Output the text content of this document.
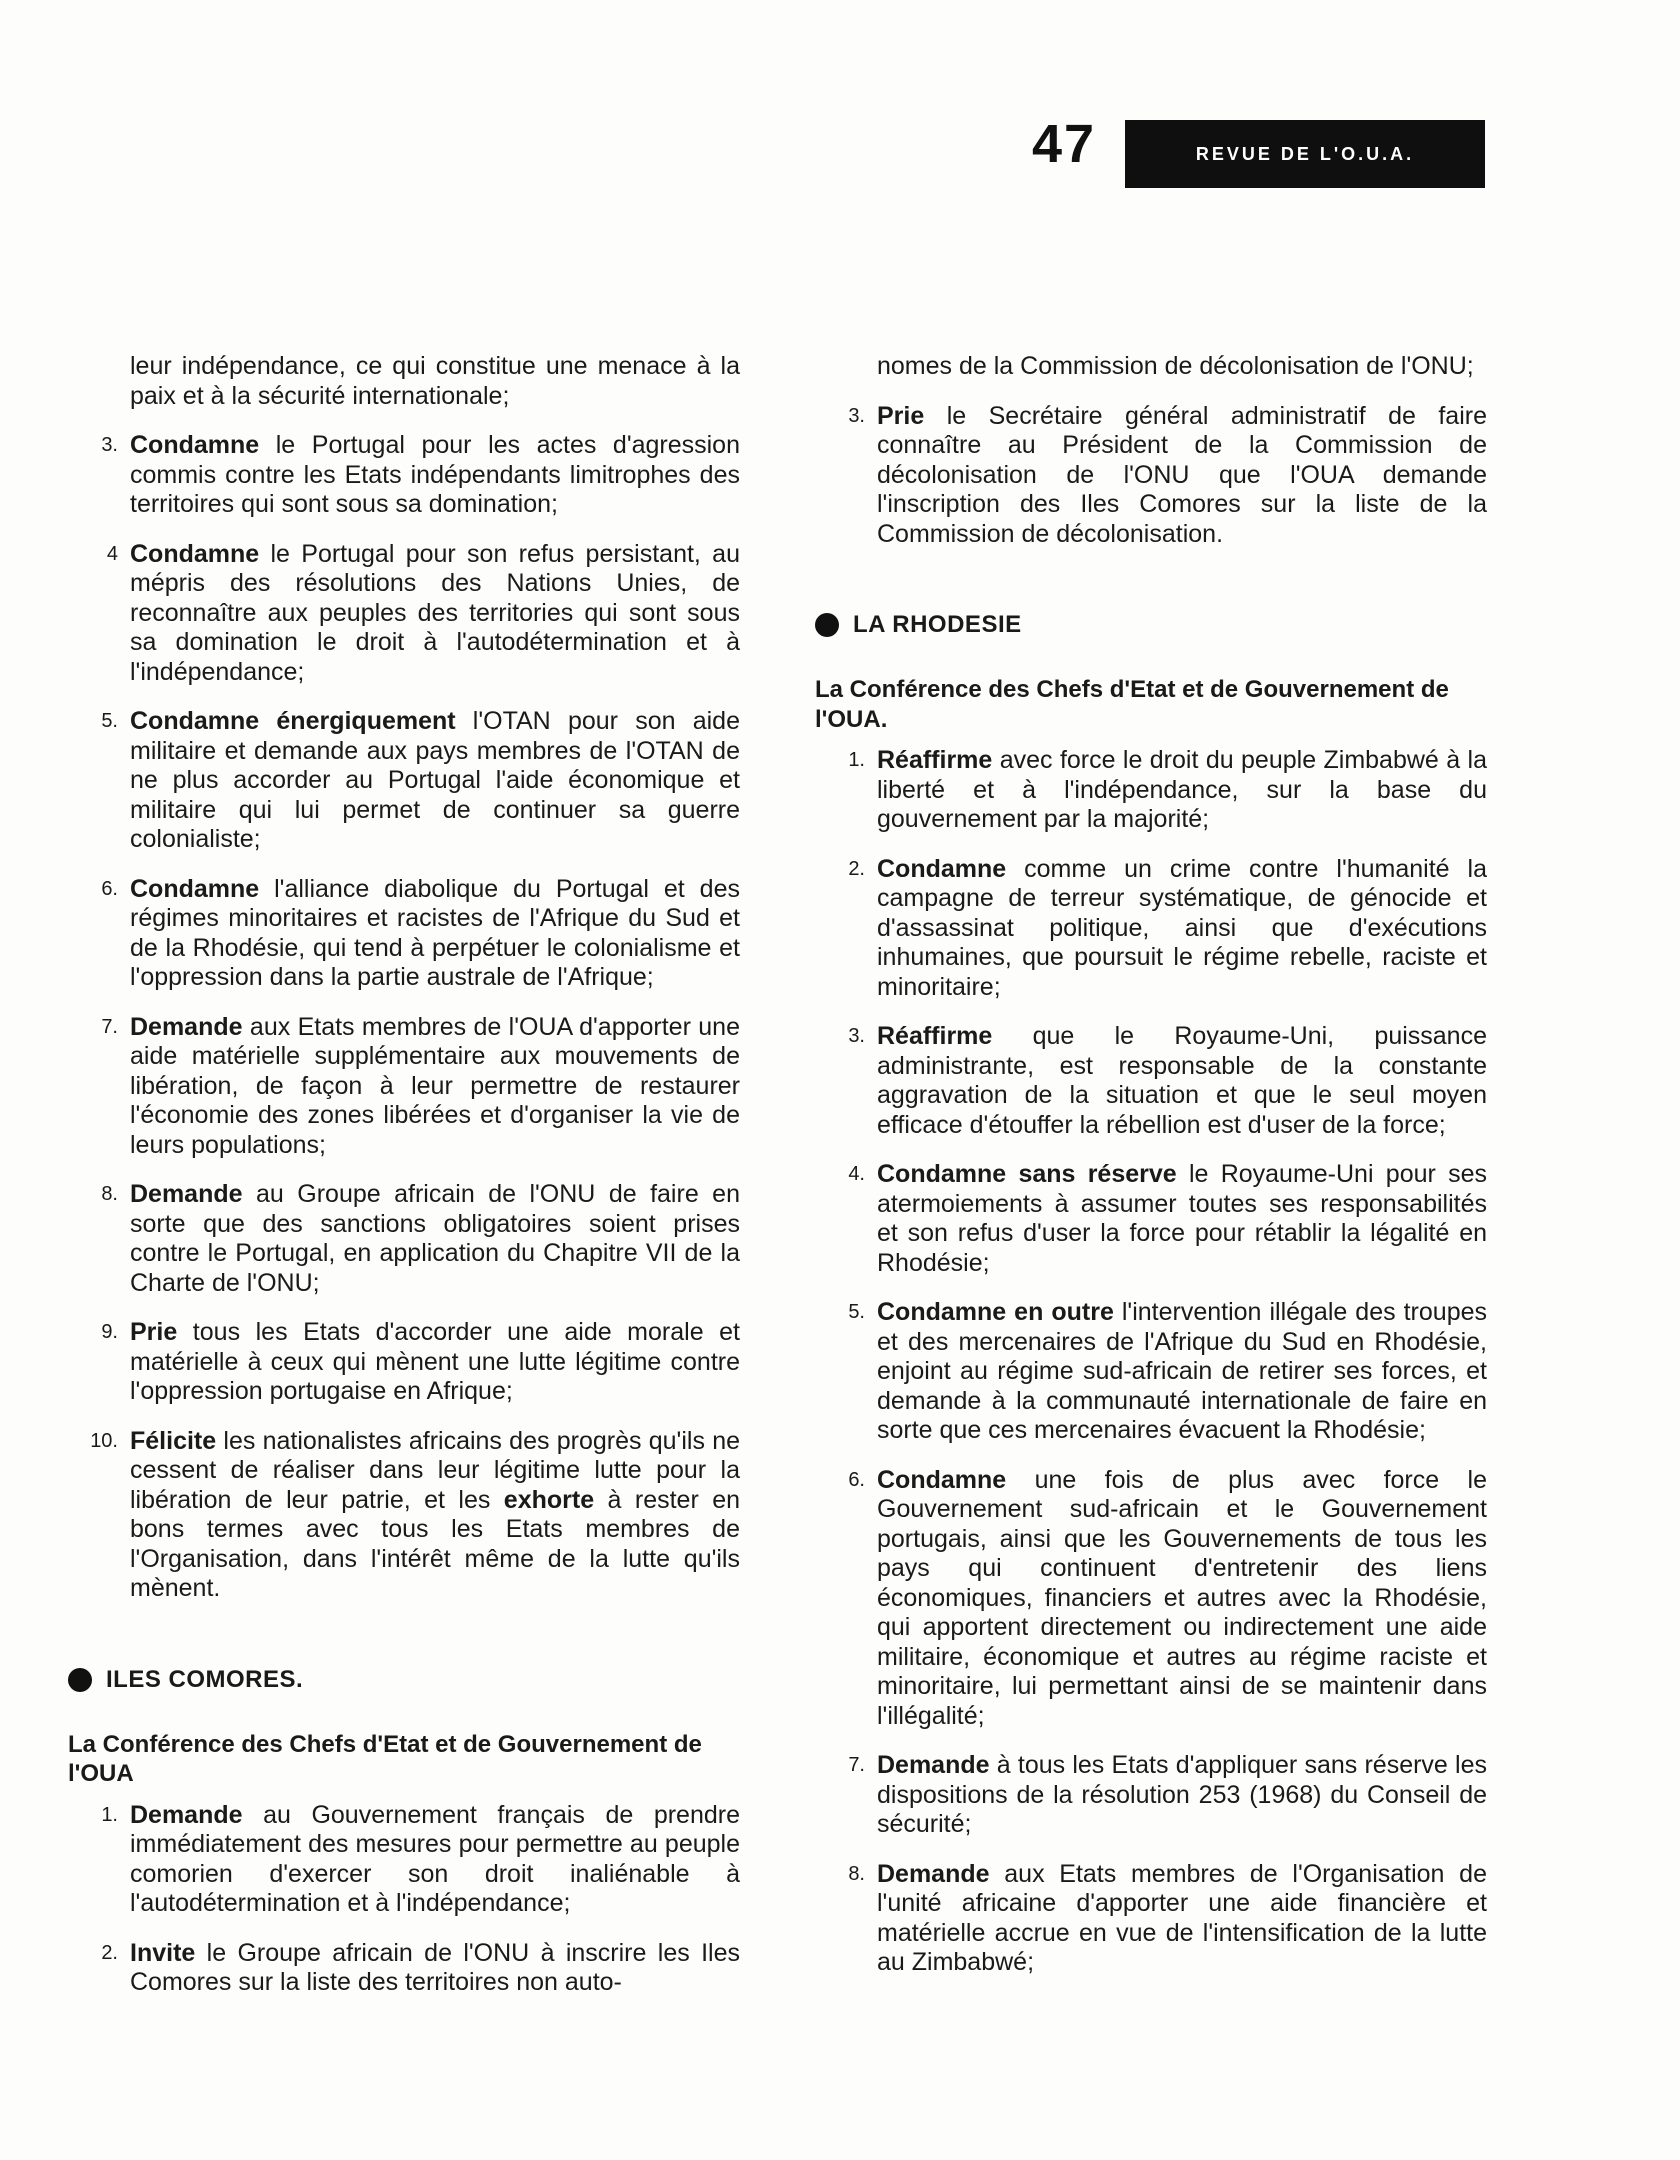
47	REVUE DE L'O.U.A.

leur indépendance, ce qui constitue une menace à la paix et à la sécurité internationale;

3. Condamne le Portugal pour les actes d'agression commis contre les Etats indépendants limitrophes des territoires qui sont sous sa domination;
4 Condamne le Portugal pour son refus persistant, au mépris des résolutions des Nations Unies, de reconnaître aux peuples des territories qui sont sous sa domination le droit à l'autodétermination et à l'indépendance;
5. Condamne énergiquement l'OTAN pour son aide militaire et demande aux pays membres de l'OTAN de ne plus accorder au Portugal l'aide économique et militaire qui lui permet de continuer sa guerre colonialiste;
6. Condamne l'alliance diabolique du Portugal et des régimes minoritaires et racistes de l'Afrique du Sud et de la Rhodésie, qui tend à perpétuer le colonialisme et l'oppression dans la partie australe de l'Afrique;
7. Demande aux Etats membres de l'OUA d'apporter une aide matérielle supplémentaire aux mouvements de libération, de façon à leur permettre de restaurer l'économie des zones libérées et d'organiser la vie de leurs populations;
8. Demande au Groupe africain de l'ONU de faire en sorte que des sanctions obligatoires soient prises contre le Portugal, en application du Chapitre VII de la Charte de l'ONU;
9. Prie tous les Etats d'accorder une aide morale et matérielle à ceux qui mènent une lutte légitime contre l'oppression portugaise en Afrique;
10. Félicite les nationalistes africains des progrès qu'ils ne cessent de réaliser dans leur légitime lutte pour la libération de leur patrie, et les exhorte à rester en bons termes avec tous les Etats membres de l'Organisation, dans l'intérêt même de la lutte qu'ils mènent.
ILES COMORES.

La Conférence des Chefs d'Etat et de Gouvernement de l'OUA

1. Demande au Gouvernement français de prendre immédiatement des mesures pour permettre au peuple comorien d'exercer son droit inaliénable à l'autodétermination et à l'indépendance;
2. Invite le Groupe africain de l'ONU à inscrire les Iles Comores sur la liste des territoires non auto-

nomes de la Commission de décolonisation de l'ONU;

3. Prie le Secrétaire général administratif de faire connaître au Président de la Commission de décolonisation de l'ONU que l'OUA demande l'inscription des Iles Comores sur la liste de la Commission de décolonisation.
LA RHODESIE

La Conférence des Chefs d'Etat et de Gouvernement de l'OUA.

1. Réaffirme avec force le droit du peuple Zimbabwé à la liberté et à l'indépendance, sur la base du gouvernement par la majorité;
2. Condamne comme un crime contre l'humanité la campagne de terreur systématique, de génocide et d'assassinat politique, ainsi que d'exécutions inhumaines, que poursuit le régime rebelle, raciste et minoritaire;
3. Réaffirme que le Royaume-Uni, puissance administrante, est responsable de la constante aggravation de la situation et que le seul moyen efficace d'étouffer la rébellion est d'user de la force;
4. Condamne sans réserve le Royaume-Uni pour ses atermoiements à assumer toutes ses responsabilités et son refus d'user la force pour rétablir la légalité en Rhodésie;
5. Condamne en outre l'intervention illégale des troupes et des mercenaires de l'Afrique du Sud en Rhodésie, enjoint au régime sud-africain de retirer ses forces, et demande à la communauté internationale de faire en sorte que ces mercenaires évacuent la Rhodésie;
6. Condamne une fois de plus avec force le Gouvernement sud-africain et le Gouvernement portugais, ainsi que les Gouvernements de tous les pays qui continuent d'entretenir des liens économiques, financiers et autres avec la Rhodésie, qui apportent directement ou indirectement une aide militaire, économique et autres au régime raciste et minoritaire, lui permettant ainsi de se maintenir dans l'illégalité;
7. Demande à tous les Etats d'appliquer sans réserve les dispositions de la résolution 253 (1968) du Conseil de sécurité;
8. Demande aux Etats membres de l'Organisation de l'unité africaine d'apporter une aide financière et matérielle accrue en vue de l'intensification de la lutte au Zimbabwé;
